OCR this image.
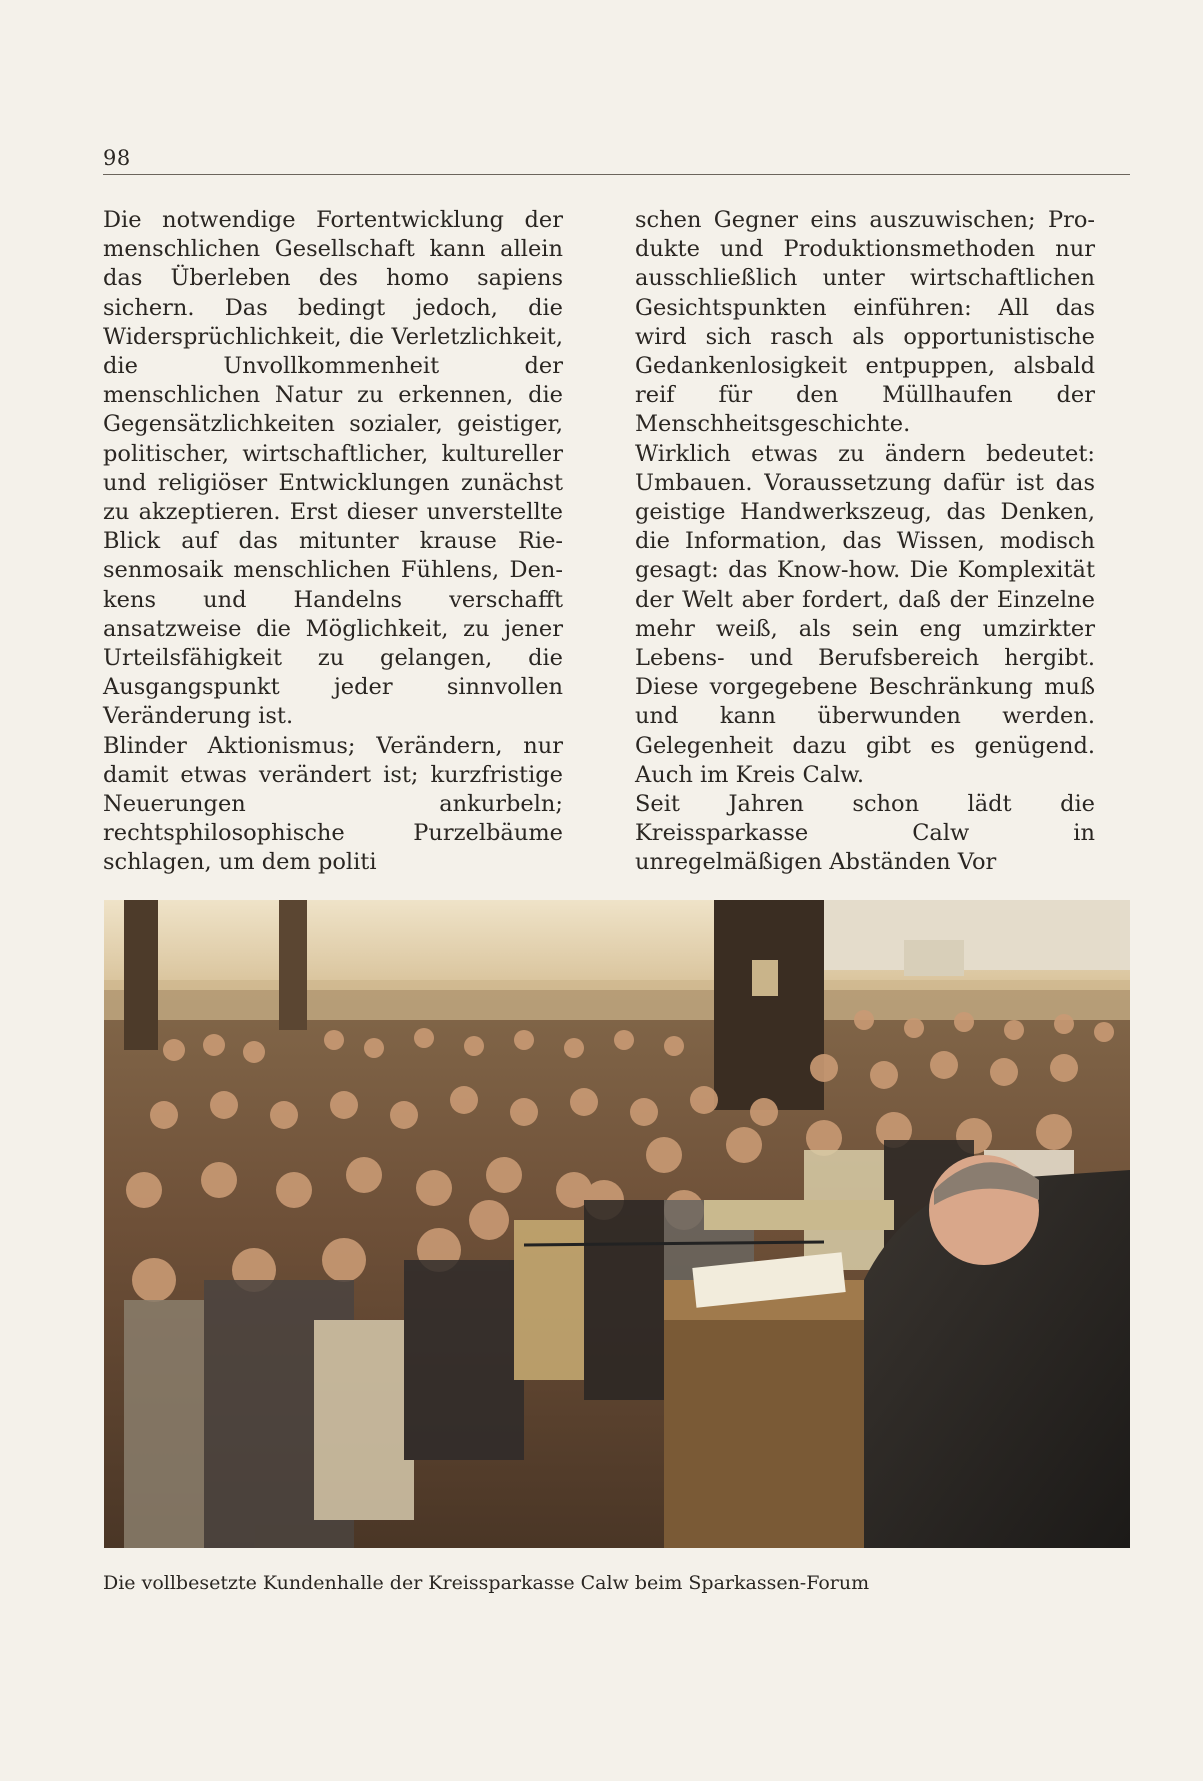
98

Die notwendige Fortentwicklung der menschlichen Gesellschaft kann allein das Überleben des homo sapiens sichern. Das bedingt jedoch, die Widersprüchlichkeit, die Verletzlichkeit, die Unvollkommenheit der menschlichen Natur zu erkennen, die Gegensätzlichkeiten sozialer, geistiger, politischer, wirtschaftlicher, kultureller und religiöser Entwicklungen zunächst zu akzeptieren. Erst dieser unverstellte Blick auf das mitunter krause Riesenmosaik menschlichen Fühlens, Denkens und Handelns verschafft ansatzweise die Möglichkeit, zu jener Urteilsfähigkeit zu gelangen, die Ausgangspunkt jeder sinnvollen Veränderung ist.

Blinder Aktionismus; Verändern, nur damit etwas verändert ist; kurzfristige Neuerungen ankurbeln; rechtsphilosophische Purzelbäume schlagen, um dem politi

schen Gegner eins auszuwischen; Produkte und Produktionsmethoden nur ausschließlich unter wirtschaftlichen Gesichtspunkten einführen: All das wird sich rasch als opportunistische Gedankenlosigkeit entpuppen, alsbald reif für den Müllhaufen der Menschheitsgeschichte.

Wirklich etwas zu ändern bedeutet: Umbauen. Voraussetzung dafür ist das geistige Handwerkszeug, das Denken, die Information, das Wissen, modisch gesagt: das Know-how. Die Komplexität der Welt aber fordert, daß der Einzelne mehr weiß, als sein eng umzirkter Lebens- und Berufsbereich hergibt. Diese vorgegebene Beschränkung muß und kann überwunden werden. Gelegenheit dazu gibt es genügend. Auch im Kreis Calw.

Seit Jahren schon lädt die Kreissparkasse Calw in unregelmäßigen Abständen Vor

Die vollbesetzte Kundenhalle der Kreissparkasse Calw beim Sparkassen-Forum
